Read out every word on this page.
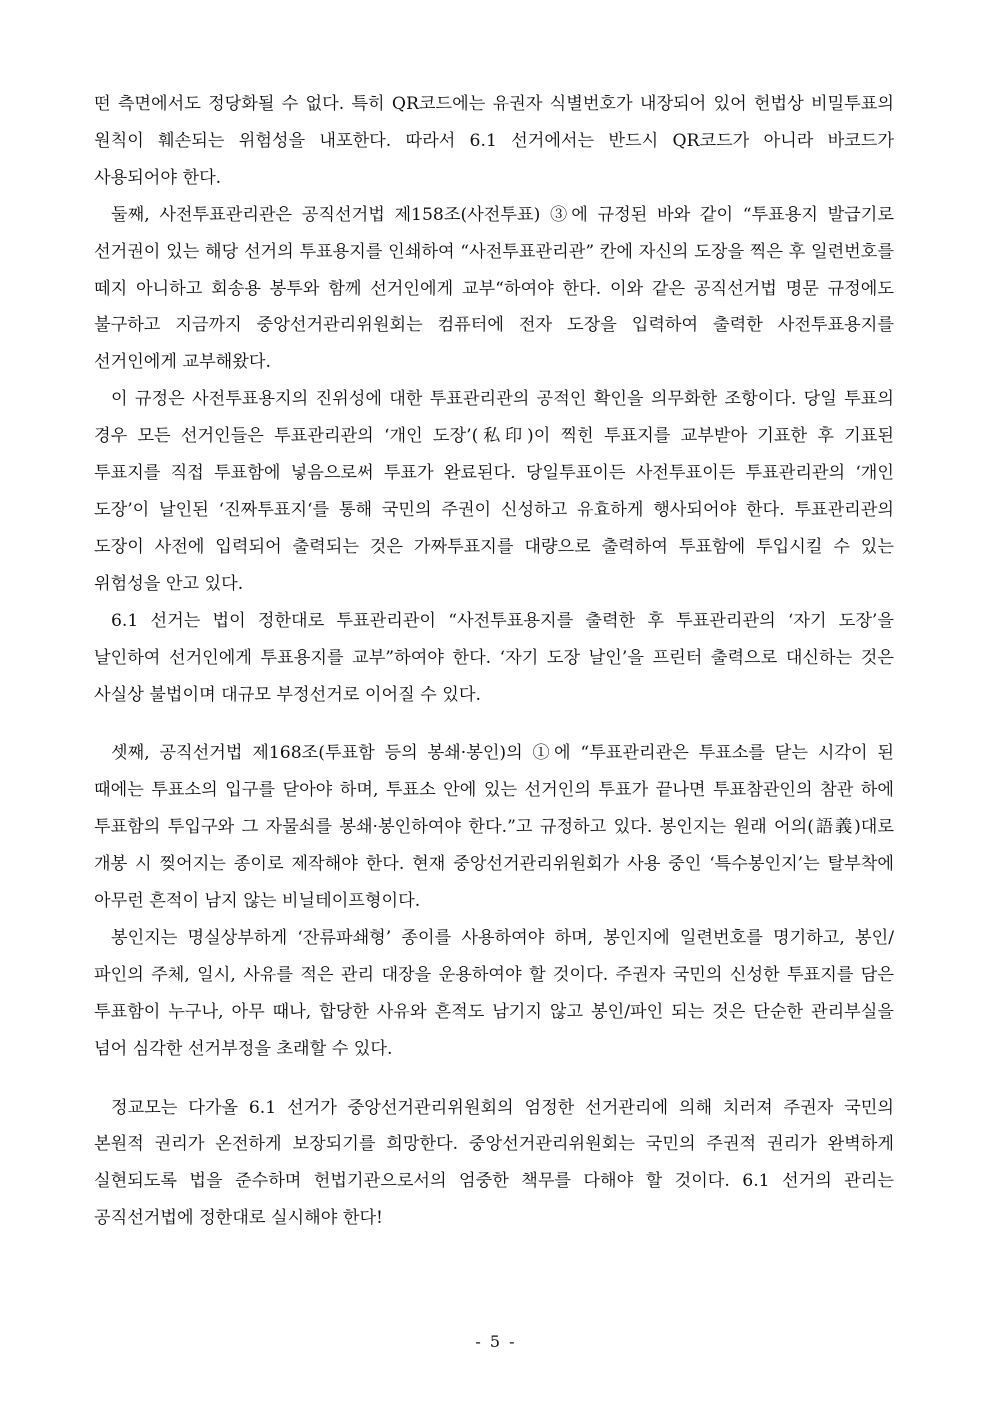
떤 측면에서도 정당화될 수 없다. 특히 QR코드에는 유권자 식별번호가 내장되어 있어 헌법상 비밀투표의 원칙이 훼손되는 위험성을 내포한다. 따라서 6.1 선거에서는 반드시 QR코드가 아니라 바코드가 사용되어야 한다.

둘째, 사전투표관리관은 공직선거법 제158조(사전투표) ③에 규정된 바와 같이 “투표용지 발급기로 선거권이 있는 해당 선거의 투표용지를 인쇄하여 “사전투표관리관” 칸에 자신의 도장을 찍은 후 일련번호를 떼지 아니하고 회송용 봉투와 함께 선거인에게 교부“하여야 한다. 이와 같은 공직선거법 명문 규정에도 불구하고 지금까지 중앙선거관리위원회는 컴퓨터에 전자 도장을 입력하여 출력한 사전투표용지를 선거인에게 교부해왔다.

이 규정은 사전투표용지의 진위성에 대한 투표관리관의 공적인 확인을 의무화한 조항이다. 당일 투표의 경우 모든 선거인들은 투표관리관의 ‘개인 도장’(私印)이 찍힌 투표지를 교부받아 기표한 후 기표된 투표지를 직접 투표함에 넣음으로써 투표가 완료된다. 당일투표이든 사전투표이든 투표관리관의 ‘개인 도장’이 날인된 ‘진짜투표지‘를 통해 국민의 주권이 신성하고 유효하게 행사되어야 한다. 투표관리관의 도장이 사전에 입력되어 출력되는 것은 가짜투표지를 대량으로 출력하여 투표함에 투입시킬 수 있는 위험성을 안고 있다.

6.1 선거는 법이 정한대로 투표관리관이 “사전투표용지를 출력한 후 투표관리관의 ‘자기 도장’을 날인하여 선거인에게 투표용지를 교부”하여야 한다. ‘자기 도장 날인’을 프린터 출력으로 대신하는 것은 사실상 불법이며 대규모 부정선거로 이어질 수 있다.

셋째, 공직선거법 제168조(투표함 등의 봉쇄·봉인)의 ①에 “투표관리관은 투표소를 닫는 시각이 된 때에는 투표소의 입구를 닫아야 하며, 투표소 안에 있는 선거인의 투표가 끝나면 투표참관인의 참관 하에 투표함의 투입구와 그 자물쇠를 봉쇄·봉인하여야 한다.”고 규정하고 있다. 봉인지는 원래 어의(語義)대로 개봉 시 찢어지는 종이로 제작해야 한다. 현재 중앙선거관리위원회가 사용 중인 ‘특수봉인지’는 탈부착에 아무런 흔적이 남지 않는 비닐테이프형이다.

봉인지는 명실상부하게 ‘잔류파쇄형’ 종이를 사용하여야 하며, 봉인지에 일련번호를 명기하고, 봉인/파인의 주체, 일시, 사유를 적은 관리 대장을 운용하여야 할 것이다. 주권자 국민의 신성한 투표지를 담은 투표함이 누구나, 아무 때나, 합당한 사유와 흔적도 남기지 않고 봉인/파인 되는 것은 단순한 관리부실을 넘어 심각한 선거부정을 초래할 수 있다.

정교모는 다가올 6.1 선거가 중앙선거관리위원회의 엄정한 선거관리에 의해 치러져 주권자 국민의 본원적 권리가 온전하게 보장되기를 희망한다. 중앙선거관리위원회는 국민의 주권적 권리가 완벽하게 실현되도록 법을 준수하며 헌법기관으로서의 엄중한 책무를 다해야 할 것이다. 6.1 선거의 관리는 공직선거법에 정한대로 실시해야 한다!

- 5 -
